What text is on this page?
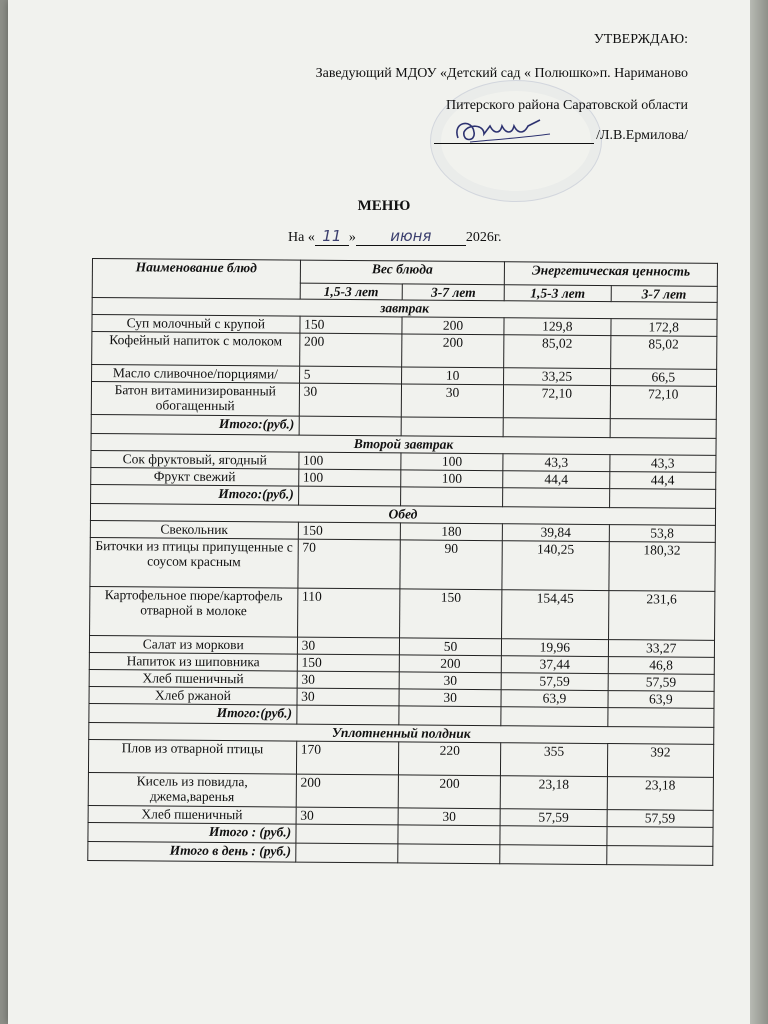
УТВЕРЖДАЮ:
Заведующий МДОУ «Детский сад « Полюшко»п. Нариманово
Питерского района Саратовской области
/Л.В.Ермилова/
МЕНЮ
На « 11 » июня 2026г.
Наименование блюд	Вес блюда		Энергетическая ценность	
	1,5-3 лет	3-7 лет	1,5-3 лет	3-7 лет
завтрак				
Суп молочный с крупой	150	200	129,8	172,8
Кофейный напиток с молоком	200	200	85,02	85,02
Масло сливочное/порциями/	5	10	33,25	66,5
Батон витаминизированный обогащенный	30	30	72,10	72,10
Итого:(руб.)				
Второй завтрак				
Сок фруктовый, ягодный	100	100	43,3	43,3
Фрукт свежий	100	100	44,4	44,4
Итого:(руб.)				
Обед				
Свекольник	150	180	39,84	53,8
Биточки из птицы припущенные с соусом красным	70	90	140,25	180,32
Картофельное пюре/картофель отварной в молоке	110	150	154,45	231,6
Салат из моркови	30	50	19,96	33,27
Напиток из шиповника	150	200	37,44	46,8
Хлеб пшеничный	30	30	57,59	57,59
Хлеб ржаной	30	30	63,9	63,9
Итого:(руб.)				
Уплотненный полдник				
Плов из отварной птицы	170	220	355	392
Кисель из повидла, джема,варенья	200	200	23,18	23,18
Хлеб пшеничный	30	30	57,59	57,59
Итого : (руб.)				
Итого в день : (руб.)				
